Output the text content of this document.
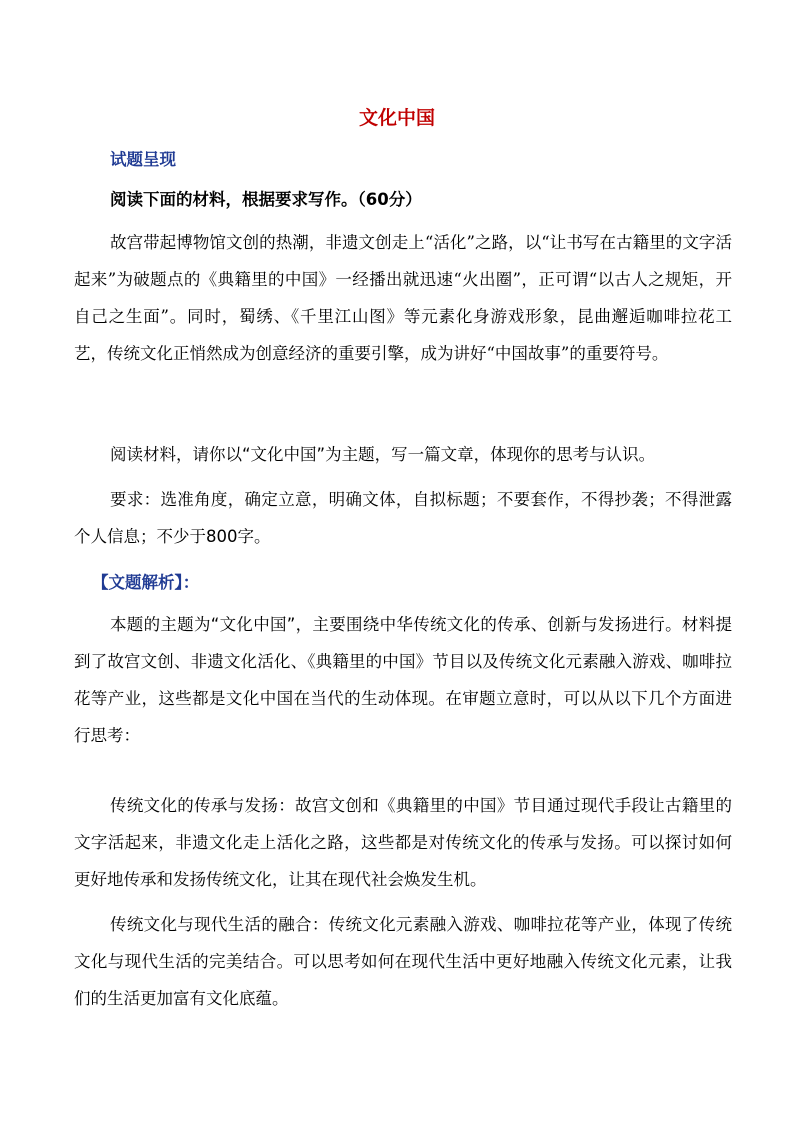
文化中国
试题呈现
阅读下面的材料，根据要求写作。（60分）

故宫带起博物馆文创的热潮，非遗文创走上“活化”之路，以“让书写在古籍里的文字活起来”为破题点的《典籍里的中国》一经播出就迅速“火出圈”，正可谓“以古人之规矩，开自己之生面”。同时，蜀绣、《千里江山图》等元素化身游戏形象，昆曲邂逅咖啡拉花工艺，传统文化正悄然成为创意经济的重要引擎，成为讲好“中国故事”的重要符号。

阅读材料，请你以“文化中国”为主题，写一篇文章，体现你的思考与认识。

要求：选准角度，确定立意，明确文体，自拟标题；不要套作，不得抄袭；不得泄露个人信息；不少于800字。

【文题解析】：

本题的主题为“文化中国”，主要围绕中华传统文化的传承、创新与发扬进行。材料提到了故宫文创、非遗文化活化、《典籍里的中国》节目以及传统文化元素融入游戏、咖啡拉花等产业，这些都是文化中国在当代的生动体现。在审题立意时，可以从以下几个方面进行思考：

传统文化的传承与发扬：故宫文创和《典籍里的中国》节目通过现代手段让古籍里的文字活起来，非遗文化走上活化之路，这些都是对传统文化的传承与发扬。可以探讨如何更好地传承和发扬传统文化，让其在现代社会焕发生机。

传统文化与现代生活的融合：传统文化元素融入游戏、咖啡拉花等产业，体现了传统文化与现代生活的完美结合。可以思考如何在现代生活中更好地融入传统文化元素，让我们的生活更加富有文化底蕴。
